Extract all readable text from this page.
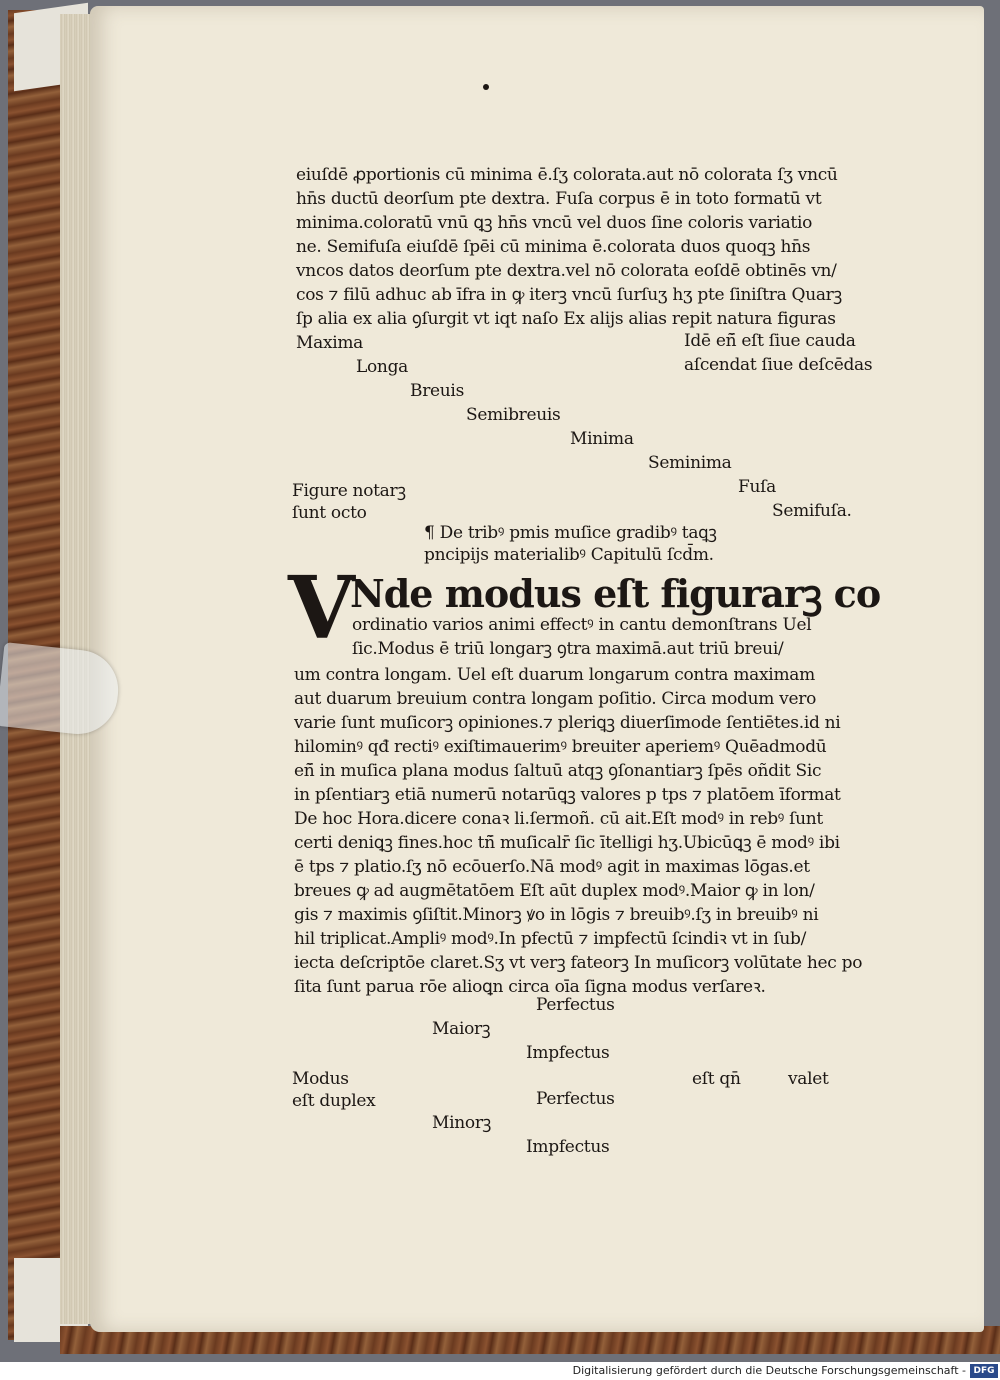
eiuſdē ꝓportionis cū minima ē.ſʒ colorata.aut nō colorata ſʒ vncū
hn̄s ductū deorſum pte dextra. Fuſa corpus ē in toto formatū vt
minima.coloratū vnū ꝗꝫ hn̄s vncū vel duos ſine coloris variatio
ne. Semifuſa eiuſdē ſpēi cū minima ē.colorata duos quoqꝫ hn̄s
vncos datos deorſum pte dextra.vel nō colorata eoſdē obtinēs vn/
cos ⁊ filū adhuc ab īfra in ꝙ iterꝫ vncū ſurſuʒ hʒ pte ſiniſtra Quarꝫ
ſp alia ex alia ꝯſurgit vt iqt naſo Ex alijs alias repit natura figuras
Maxima	Idē eñ̄ eſt ſiue cauda
Longa	aſcendat ſiue deſcēdas
Breuis
Semibreuis
Minima
Seminima
Figure notarꝫ	Fuſa
ſunt octo	Semifuſa.
¶ De tribꝰ pmis muſice gradibꝰ taꝗꝫ
pncipijs materialibꝰ Capitulū ſcd̄m.
V
Nde modus eſt figurarꝫ co
ordinatio varios animi effectꝰ in cantu demonſtrans Uel
ſic.Modus ē triū longarꝫ ꝯtra maximā.aut triū breui/
um contra longam. Uel eſt duarum longarum contra maximam
aut duarum breuium contra longam poſitio. Circa modum vero
varie ſunt muſicorꝫ opiniones.⁊ pleriꝗꝫ diuerſimode ſentiētes.id ni
hilominꝰ qđ rectiꝰ exiſtimauerimꝰ breuiter aperiemꝰ Quēadmodū
eñ̄ in muſica plana modus ſaltuū atqꝫ ꝯſonantiarꝫ ſpēs oñdit Sic
in pſentiarꝫ etiā numerū notarūꝗꝫ valores p tps ⁊ platōem īformat
De hoc Hora.dicere conaꝛ li.ſermoñ. cū ait.Eſt modꝰ in rebꝰ ſunt
certi deniꝗꝫ fines.hoc tñ̄ muſicalr̄ ſic ītelligi hʒ.Ubicūꝗꝫ ē modꝰ ibi
ē tps ⁊ platio.ſʒ nō ecōuerſo.Nā modꝰ agit in maximas lōgas.et
breues ꝙ ad augmētatōem Eſt aūt duplex modꝰ.Maior ꝙ in lon/
gis ⁊ maximis ꝯſiſtit.Minorꝫ ꝟo in lōgis ⁊ breuibꝰ.ſʒ in breuibꝰ ni
hil triplicat.Ampliꝰ modꝰ.In pfectū ⁊ impfectū ſcindiꝛ vt in ſub/
iecta deſcriptōe claret.Sʒ vt verꝫ fateorꝫ In muſicorꝫ volūtate hec po
ſita ſunt parua rōe alioꝗn circa oīa ſigna modus verſareꝛ.
Perfectus
Maiorꝫ
Impfectus
Modus	eſt qn̄	valet
eſt duplex	Perfectus
Minorꝫ
Impfectus
Digitalisierung gefördert durch die Deutsche Forschungsgemeinschaft - DFG
